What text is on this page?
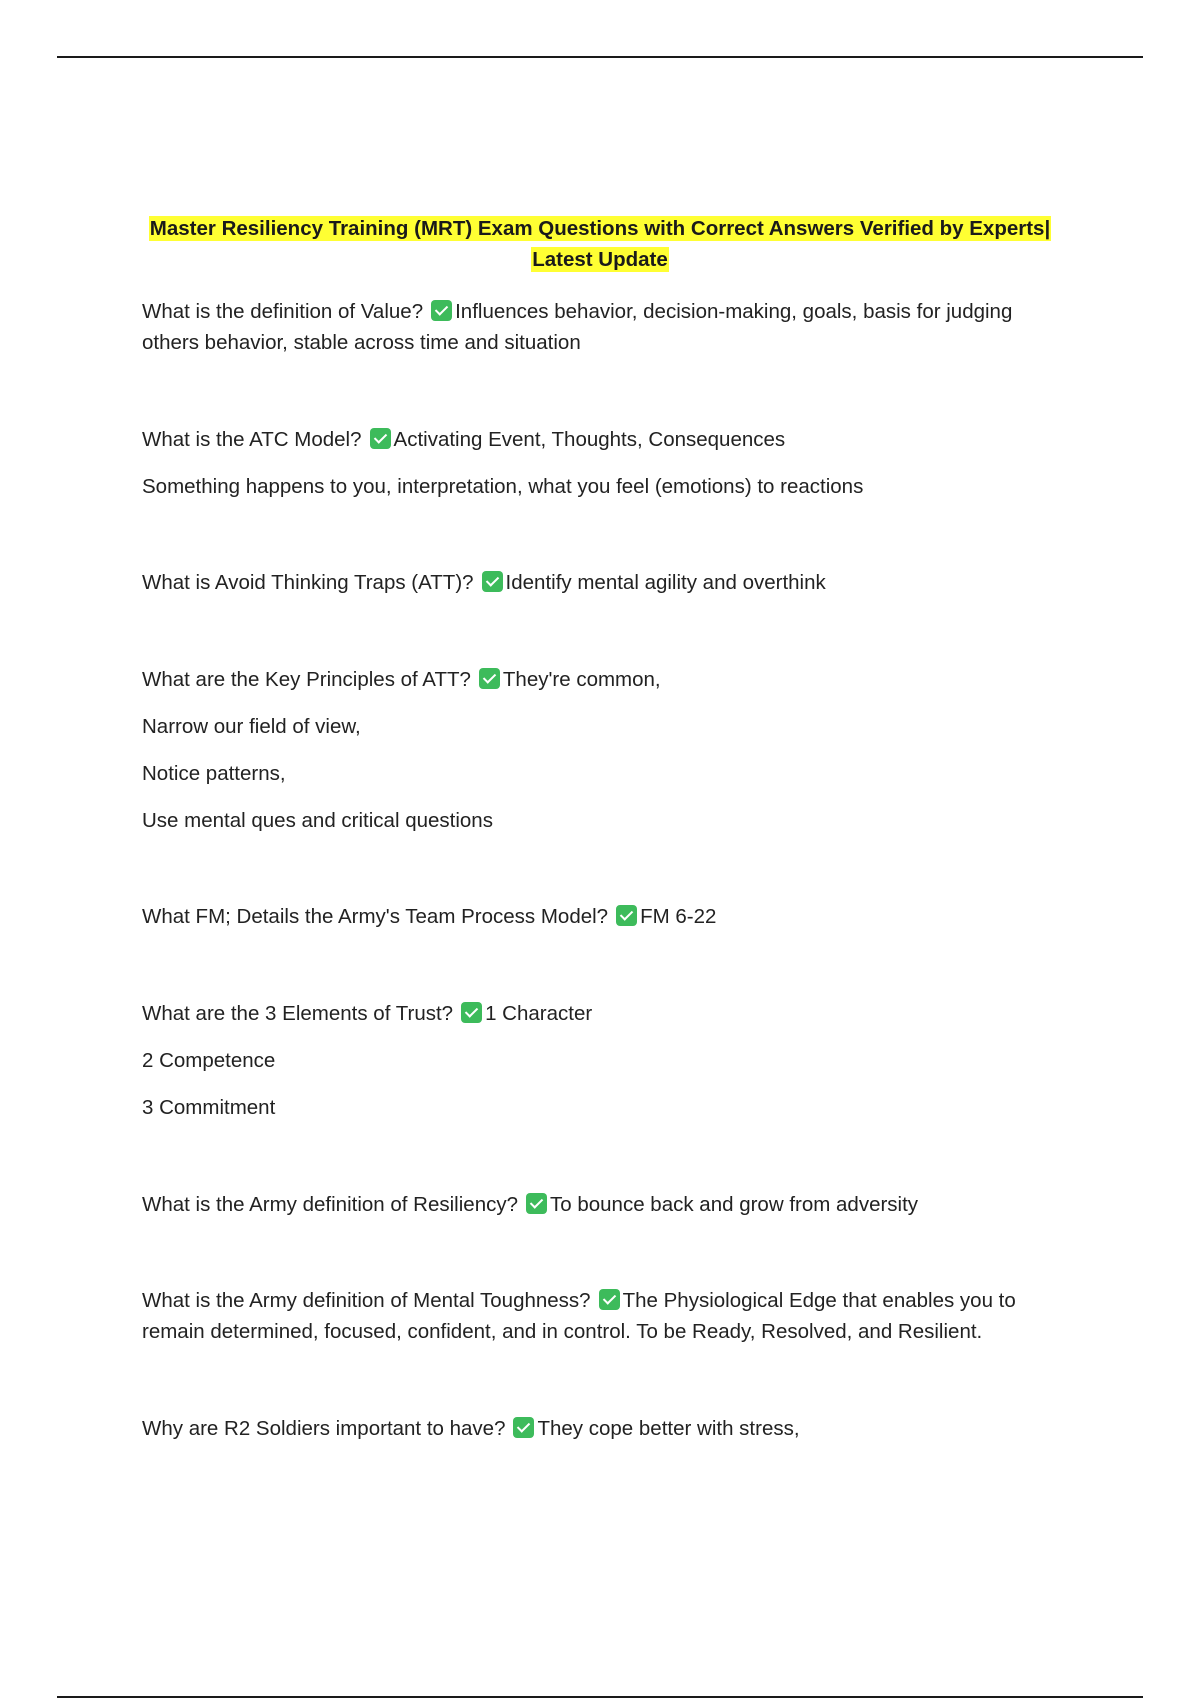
Master Resiliency Training (MRT) Exam Questions with Correct Answers Verified by Experts|
Latest Update

What is the definition of Value? Influences behavior, decision-making, goals, basis for judging others behavior, stable across time and situation

What is the ATC Model? Activating Event, Thoughts, Consequences

Something happens to you, interpretation, what you feel (emotions) to reactions

What is Avoid Thinking Traps (ATT)? Identify mental agility and overthink

What are the Key Principles of ATT? They're common,

Narrow our field of view,

Notice patterns,

Use mental ques and critical questions

What FM; Details the Army's Team Process Model? FM 6-22

What are the 3 Elements of Trust? 1 Character

2 Competence

3 Commitment

What is the Army definition of Resiliency? To bounce back and grow from adversity

What is the Army definition of Mental Toughness? The Physiological Edge that enables you to remain determined, focused, confident, and in control. To be Ready, Resolved, and Resilient.

Why are R2 Soldiers important to have? They cope better with stress,
